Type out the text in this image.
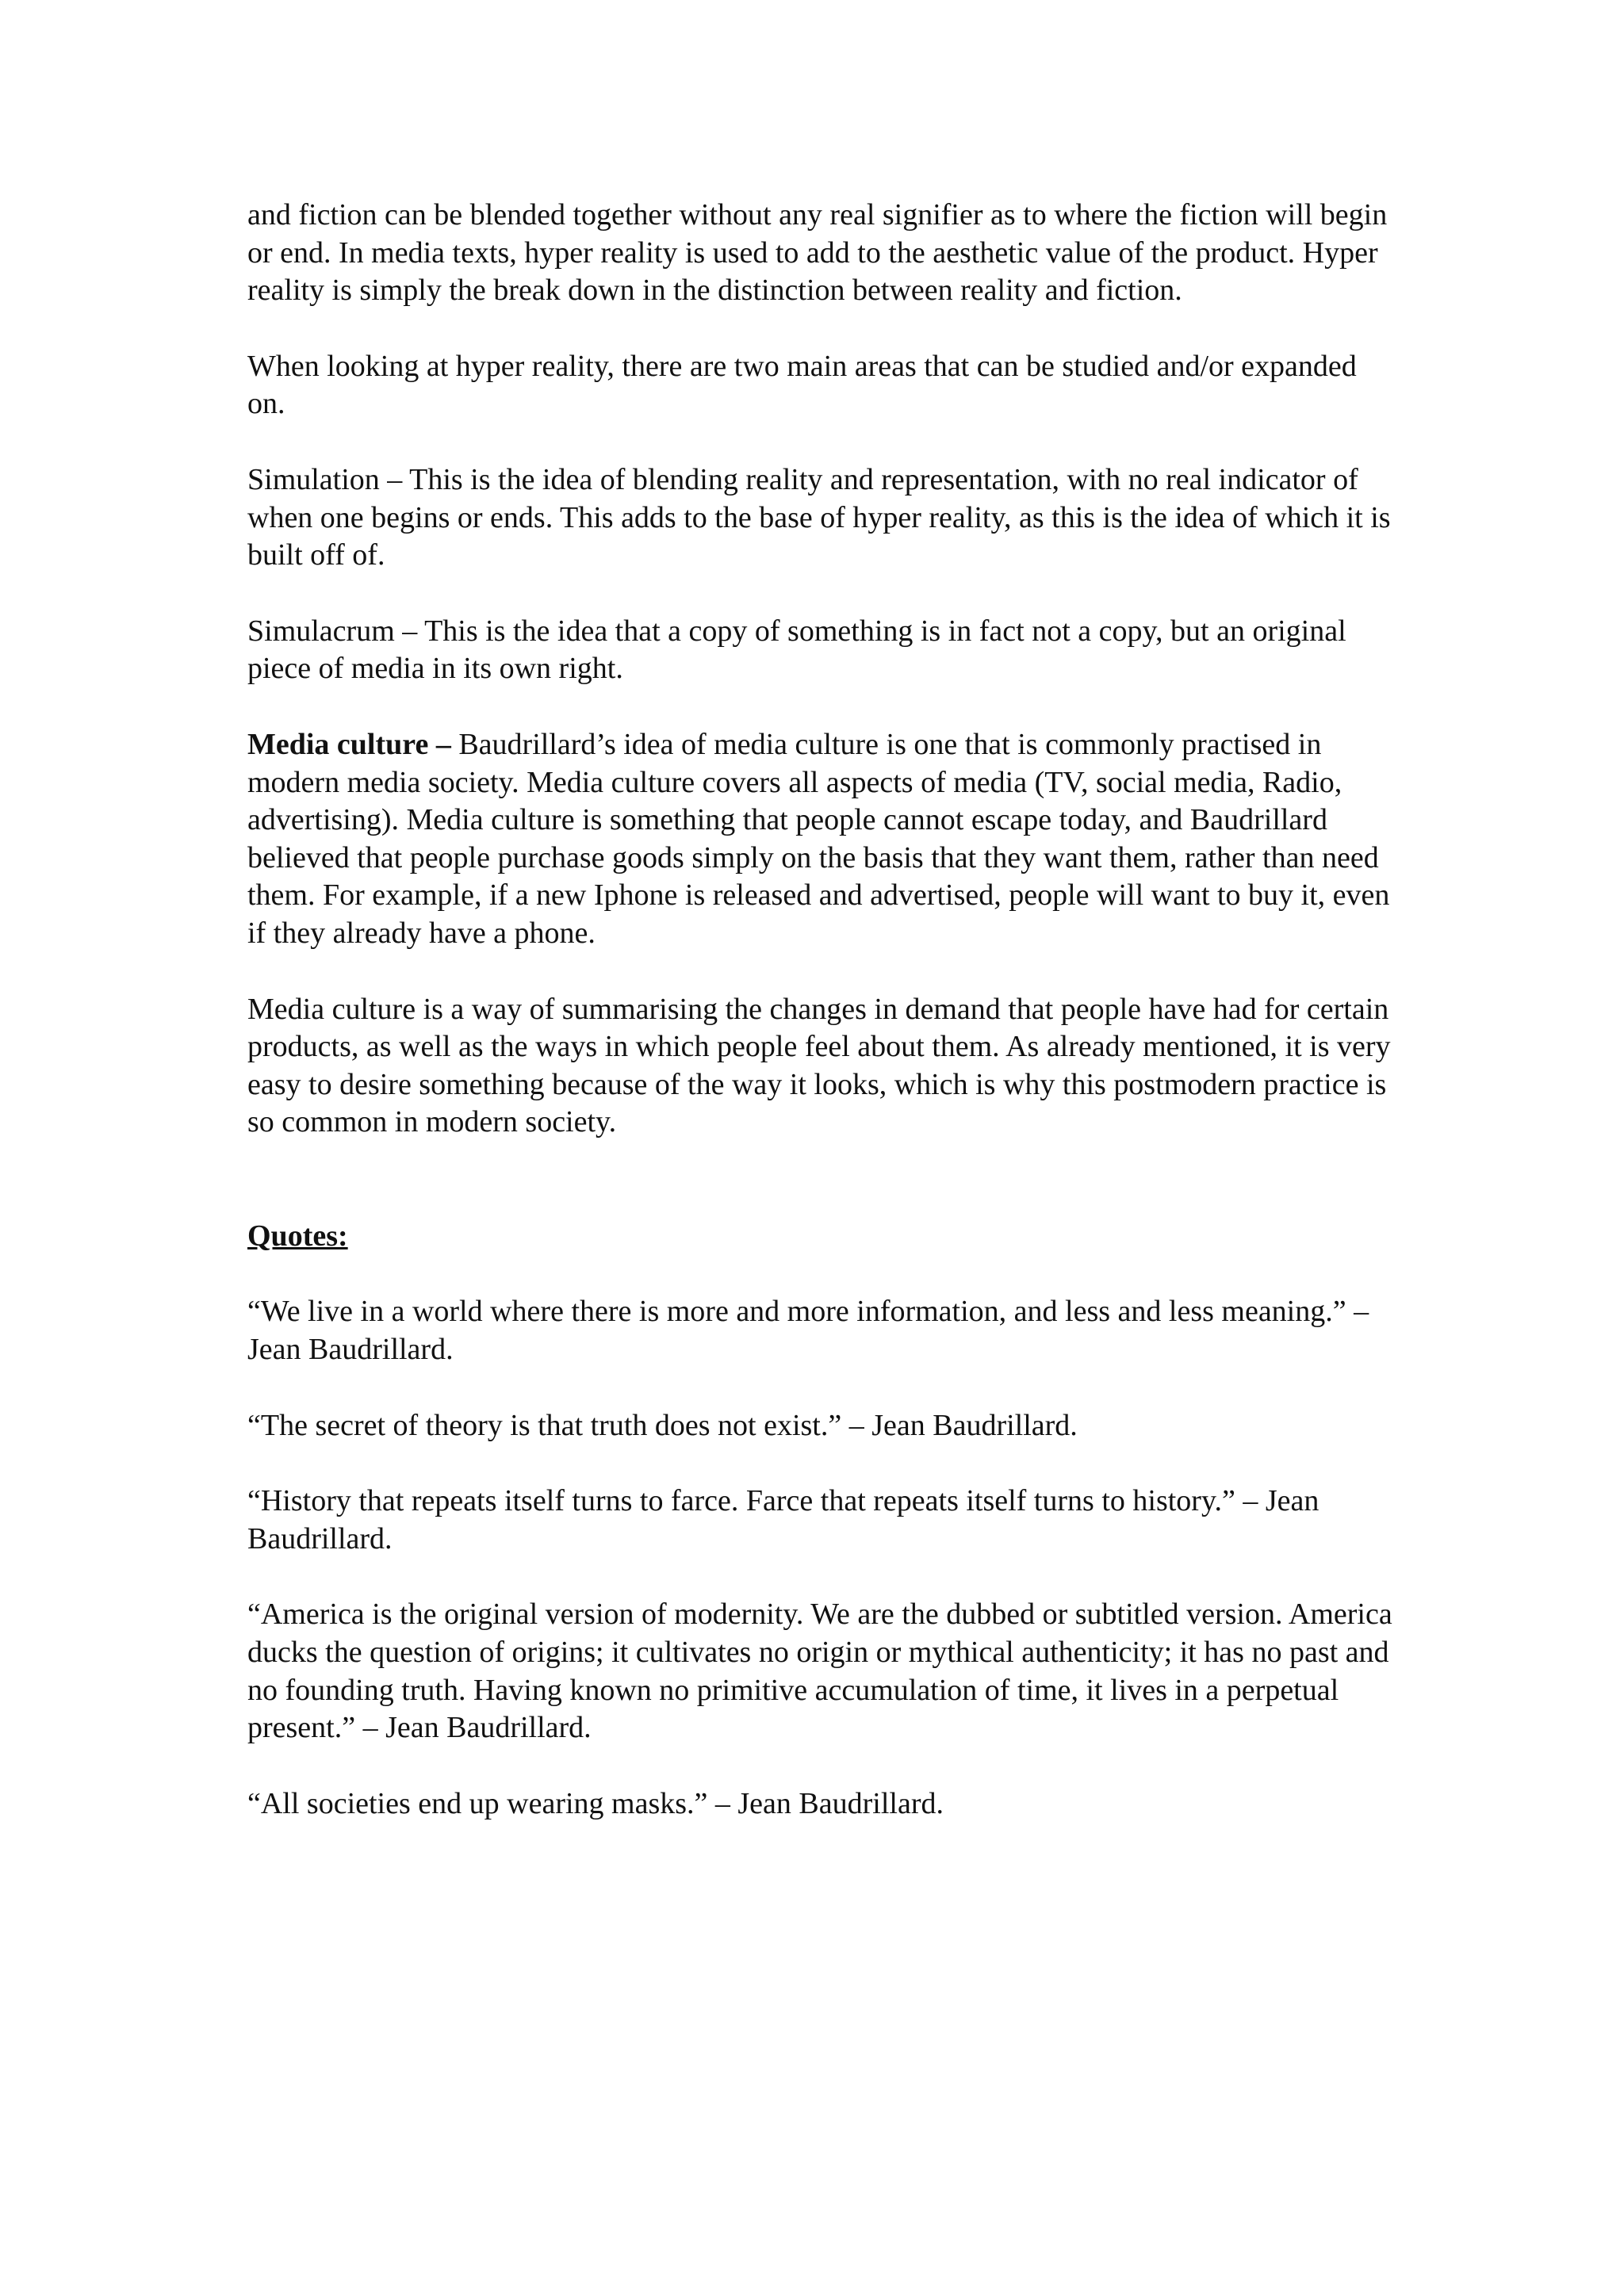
and fiction can be blended together without any real signifier as to where the fiction will begin or end. In media texts, hyper reality is used to add to the aesthetic value of the product. Hyper reality is simply the break down in the distinction between reality and fiction.

When looking at hyper reality, there are two main areas that can be studied and/or expanded on.

Simulation – This is the idea of blending reality and representation, with no real indicator of when one begins or ends. This adds to the base of hyper reality, as this is the idea of which it is built off of.

Simulacrum – This is the idea that a copy of something is in fact not a copy, but an original piece of media in its own right.

Media culture – Baudrillard’s idea of media culture is one that is commonly practised in modern media society. Media culture covers all aspects of media (TV, social media, Radio, advertising). Media culture is something that people cannot escape today, and Baudrillard believed that people purchase goods simply on the basis that they want them, rather than need them. For example, if a new Iphone is released and advertised, people will want to buy it, even if they already have a phone.

Media culture is a way of summarising the changes in demand that people have had for certain products, as well as the ways in which people feel about them. As already mentioned, it is very easy to desire something because of the way it looks, which is why this postmodern practice is so common in modern society.

Quotes:

“We live in a world where there is more and more information, and less and less meaning.” – Jean Baudrillard.

“The secret of theory is that truth does not exist.” – Jean Baudrillard.

“History that repeats itself turns to farce. Farce that repeats itself turns to history.” – Jean Baudrillard.

“America is the original version of modernity. We are the dubbed or subtitled version. America ducks the question of origins; it cultivates no origin or mythical authenticity; it has no past and no founding truth. Having known no primitive accumulation of time, it lives in a perpetual present.” – Jean Baudrillard.

“All societies end up wearing masks.” – Jean Baudrillard.
